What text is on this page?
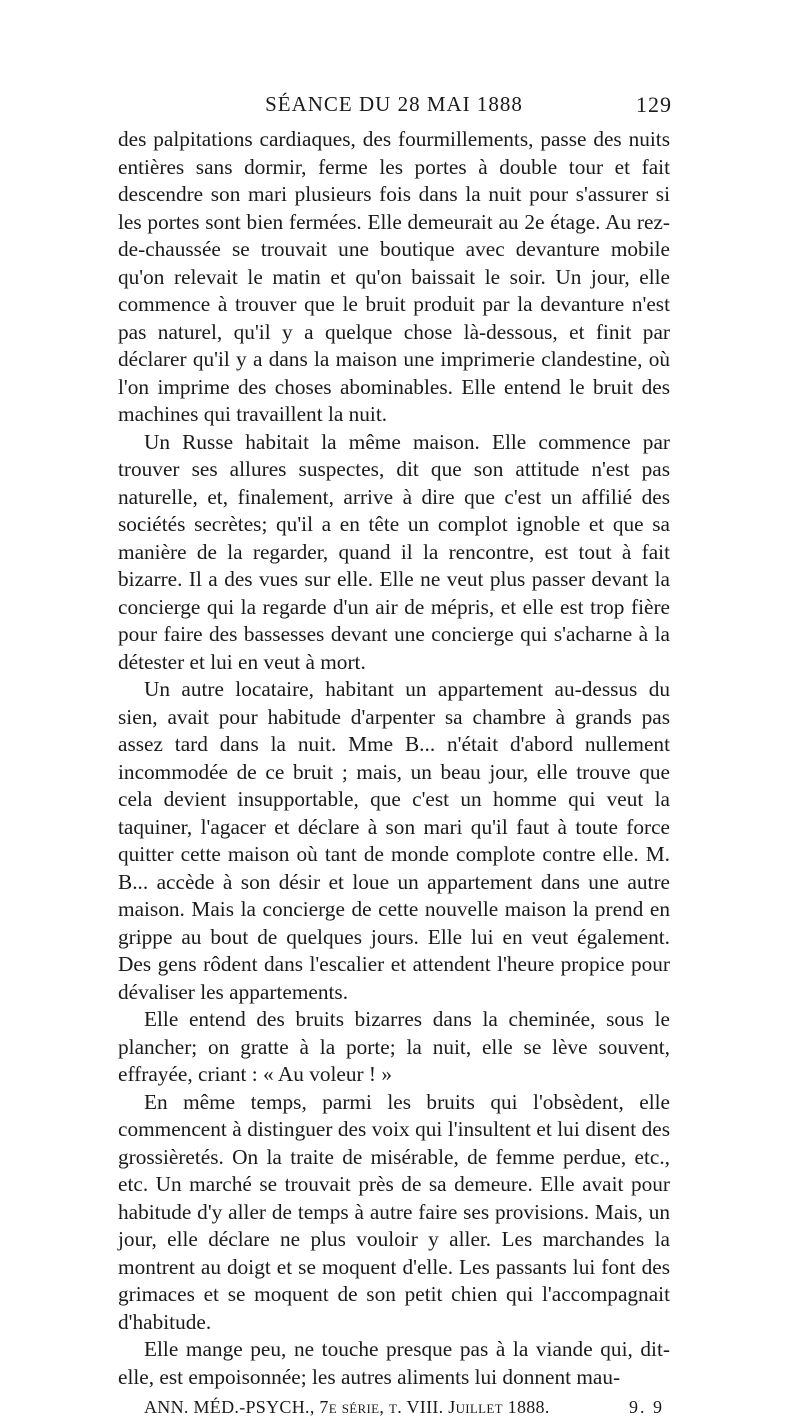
SÉANCE DU 28 MAI 1888	129

des palpitations cardiaques, des fourmillements, passe des nuits entières sans dormir, ferme les portes à double tour et fait descendre son mari plusieurs fois dans la nuit pour s'assurer si les portes sont bien fermées. Elle demeurait au 2e étage. Au rez-de-chaussée se trouvait une boutique avec devanture mobile qu'on relevait le matin et qu'on baissait le soir. Un jour, elle commence à trouver que le bruit produit par la devanture n'est pas naturel, qu'il y a quelque chose là-dessous, et finit par déclarer qu'il y a dans la maison une imprimerie clandestine, où l'on imprime des choses abominables. Elle entend le bruit des machines qui travaillent la nuit.

Un Russe habitait la même maison. Elle commence par trouver ses allures suspectes, dit que son attitude n'est pas naturelle, et, finalement, arrive à dire que c'est un affilié des sociétés secrètes; qu'il a en tête un complot ignoble et que sa manière de la regarder, quand il la rencontre, est tout à fait bizarre. Il a des vues sur elle. Elle ne veut plus passer devant la concierge qui la regarde d'un air de mépris, et elle est trop fière pour faire des bassesses devant une concierge qui s'acharne à la détester et lui en veut à mort.

Un autre locataire, habitant un appartement au-dessus du sien, avait pour habitude d'arpenter sa chambre à grands pas assez tard dans la nuit. Mme B... n'était d'abord nullement incommodée de ce bruit ; mais, un beau jour, elle trouve que cela devient insupportable, que c'est un homme qui veut la taquiner, l'agacer et déclare à son mari qu'il faut à toute force quitter cette maison où tant de monde complote contre elle. M. B... accède à son désir et loue un appartement dans une autre maison. Mais la concierge de cette nouvelle maison la prend en grippe au bout de quelques jours. Elle lui en veut également. Des gens rôdent dans l'escalier et attendent l'heure propice pour dévaliser les appartements.

Elle entend des bruits bizarres dans la cheminée, sous le plancher; on gratte à la porte; la nuit, elle se lève souvent, effrayée, criant : « Au voleur ! »

En même temps, parmi les bruits qui l'obsèdent, elle commencent à distinguer des voix qui l'insultent et lui disent des grossièretés. On la traite de misérable, de femme perdue, etc., etc. Un marché se trouvait près de sa demeure. Elle avait pour habitude d'y aller de temps à autre faire ses provisions. Mais, un jour, elle déclare ne plus vouloir y aller. Les marchandes la montrent au doigt et se moquent d'elle. Les passants lui font des grimaces et se moquent de son petit chien qui l'accompagnait d'habitude.

Elle mange peu, ne touche presque pas à la viande qui, dit-elle, est empoisonnée; les autres aliments lui donnent mau-

ANN. MÉD.-PSYCH., 7e série, t. VIII. Juillet 1888.	9. 9
